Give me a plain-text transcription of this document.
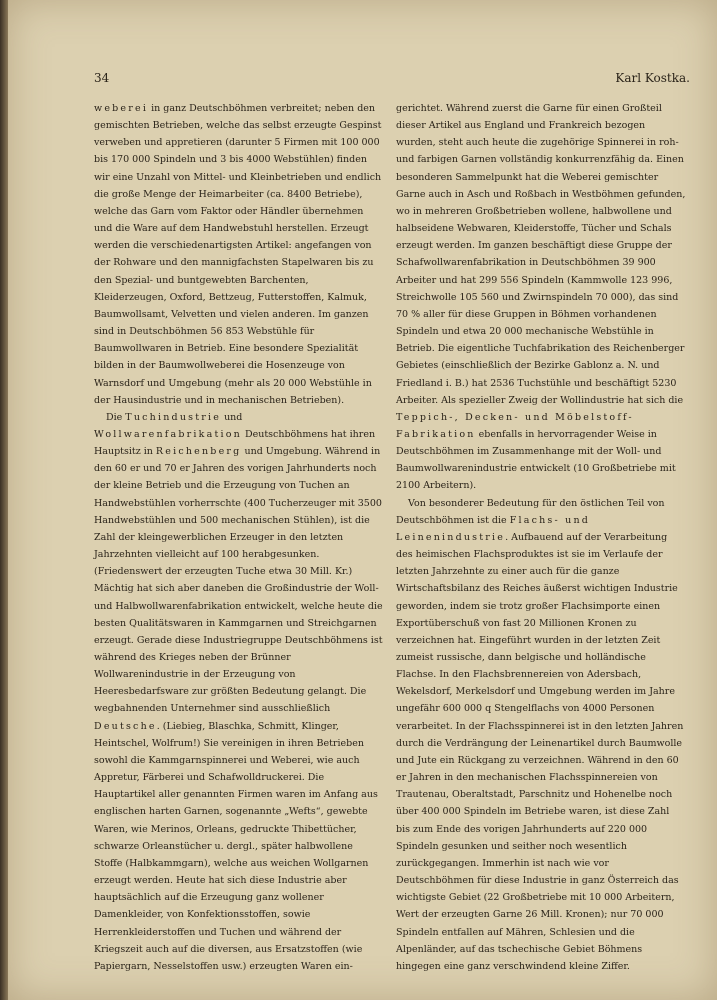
34	Karl Kostka.

weberei in ganz Deutschböhmen verbreitet; neben den gemischten Betrieben, welche das selbst erzeugte Gespinst verweben und appretieren (darunter 5 Firmen mit 100 000 bis 170 000 Spindeln und 3 bis 4000 Webstühlen) finden wir eine Unzahl von Mittel- und Kleinbetrieben und endlich die große Menge der Heimarbeiter (ca. 8400 Betriebe), welche das Garn vom Faktor oder Händler übernehmen und die Ware auf dem Handwebstuhl herstellen. Erzeugt werden die verschiedenartigsten Artikel: angefangen von der Rohware und den mannigfachsten Stapelwaren bis zu den Spezial- und buntgewebten Barchenten, Kleiderzeugen, Oxford, Bettzeug, Futterstoffen, Kalmuk, Baumwollsamt, Velvetten und vielen anderen. Im ganzen sind in Deutschböhmen 56 853 Webstühle für Baumwollwaren in Betrieb. Eine besondere Spezialität bilden in der Baumwollweberei die Hosenzeuge von Warnsdorf und Umgebung (mehr als 20 000 Webstühle in der Hausindustrie und in mechanischen Betrieben).

Die Tuchindustrie und Wollwarenfabrikation Deutschböhmens hat ihren Hauptsitz in Reichenberg und Umgebung. Während in den 60 er und 70 er Jahren des vorigen Jahrhunderts noch der kleine Betrieb und die Erzeugung von Tuchen an Handwebstühlen vorherrschte (400 Tucherzeuger mit 3500 Handwebstühlen und 500 mechanischen Stühlen), ist die Zahl der kleingewerblichen Erzeuger in den letzten Jahrzehnten vielleicht auf 100 herabgesunken. (Friedenswert der erzeugten Tuche etwa 30 Mill. Kr.) Mächtig hat sich aber daneben die Großindustrie der Woll- und Halbwollwarenfabrikation entwickelt, welche heute die besten Qualitätswaren in Kammgarnen und Streichgarnen erzeugt. Gerade diese Industriegruppe Deutschböhmens ist während des Krieges neben der Brünner Wollwarenindustrie in der Erzeugung von Heeresbedarfsware zur größten Bedeutung gelangt. Die wegbahnenden Unternehmer sind ausschließlich Deutsche. (Liebieg, Blaschka, Schmitt, Klinger, Heintschel, Wolfrum!) Sie vereinigen in ihren Betrieben sowohl die Kammgarnspinnerei und Weberei, wie auch Appretur, Färberei und Schafwolldruckerei. Die Hauptartikel aller genannten Firmen waren im Anfang aus englischen harten Garnen, sogenannte „Wefts“, gewebte Waren, wie Merinos, Orleans, gedruckte Thibettücher, schwarze Orleanstücher u. dergl., später halbwollene Stoffe (Halbkammgarn), welche aus weichen Wollgarnen erzeugt werden. Heute hat sich diese Industrie aber hauptsächlich auf die Erzeugung ganz wollener Damenkleider, von Konfektionsstoffen, sowie Herrenkleiderstoffen und Tuchen und während der Kriegszeit auch auf die diversen, aus Ersatzstoffen (wie Papiergarn, Nesselstoffen usw.) erzeugten Waren ein-

gerichtet. Während zuerst die Garne für einen Großteil dieser Artikel aus England und Frankreich bezogen wurden, steht auch heute die zugehörige Spinnerei in roh- und farbigen Garnen vollständig konkurrenzfähig da. Einen besonderen Sammelpunkt hat die Weberei gemischter Garne auch in Asch und Roßbach in Westböhmen gefunden, wo in mehreren Großbetrieben wollene, halbwollene und halbseidene Webwaren, Kleiderstoffe, Tücher und Schals erzeugt werden. Im ganzen beschäftigt diese Gruppe der Schafwollwarenfabrikation in Deutschböhmen 39 900 Arbeiter und hat 299 556 Spindeln (Kammwolle 123 996, Streichwolle 105 560 und Zwirnspindeln 70 000), das sind 70 % aller für diese Gruppen in Böhmen vorhandenen Spindeln und etwa 20 000 mechanische Webstühle in Betrieb. Die eigentliche Tuchfabrikation des Reichenberger Gebietes (einschließlich der Bezirke Gablonz a. N. und Friedland i. B.) hat 2536 Tuchstühle und beschäftigt 5230 Arbeiter. Als spezieller Zweig der Wollindustrie hat sich die Teppich-, Decken- und Möbelstoff-Fabrikation ebenfalls in hervorragender Weise in Deutschböhmen im Zusammenhange mit der Woll- und Baumwollwarenindustrie entwickelt (10 Großbetriebe mit 2100 Arbeitern).

Von besonderer Bedeutung für den östlichen Teil von Deutschböhmen ist die Flachs- und Leinenindustrie. Aufbauend auf der Verarbeitung des heimischen Flachsproduktes ist sie im Verlaufe der letzten Jahrzehnte zu einer auch für die ganze Wirtschaftsbilanz des Reiches äußerst wichtigen Industrie geworden, indem sie trotz großer Flachsimporte einen Exportüberschuß von fast 20 Millionen Kronen zu verzeichnen hat. Eingeführt wurden in der letzten Zeit zumeist russische, dann belgische und holländische Flachse. In den Flachsbrennereien von Adersbach, Wekelsdorf, Merkelsdorf und Umgebung werden im Jahre ungefähr 600 000 q Stengelflachs von 4000 Personen verarbeitet. In der Flachsspinnerei ist in den letzten Jahren durch die Verdrängung der Leinenartikel durch Baumwolle und Jute ein Rückgang zu verzeichnen. Während in den 60 er Jahren in den mechanischen Flachsspinnereien von Trautenau, Oberaltstadt, Parschnitz und Hohenelbe noch über 400 000 Spindeln im Betriebe waren, ist diese Zahl bis zum Ende des vorigen Jahrhunderts auf 220 000 Spindeln gesunken und seither noch wesentlich zurückgegangen. Immerhin ist nach wie vor Deutschböhmen für diese Industrie in ganz Österreich das wichtigste Gebiet (22 Großbetriebe mit 10 000 Arbeitern, Wert der erzeugten Garne 26 Mill. Kronen); nur 70 000 Spindeln entfallen auf Mähren, Schlesien und die Alpenländer, auf das tschechische Gebiet Böhmens hingegen eine ganz verschwindend kleine Ziffer.
